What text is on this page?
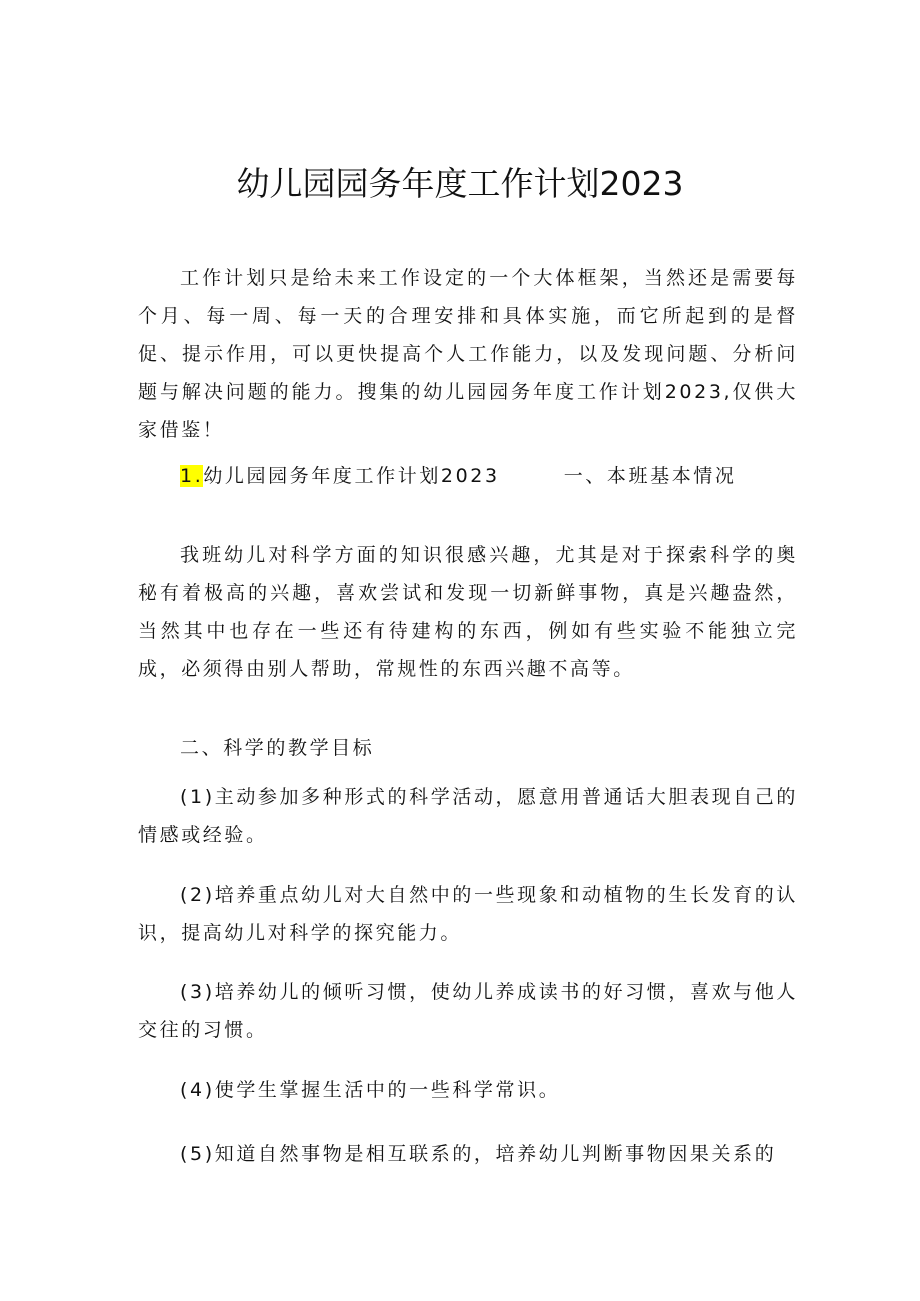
幼儿园园务年度工作计划2023

工作计划只是给未来工作设定的一个大体框架，当然还是需要每个月、每一周、每一天的合理安排和具体实施，而它所起到的是督促、提示作用，可以更快提高个人工作能力，以及发现问题、分析问题与解决问题的能力。搜集的幼儿园园务年度工作计划2023,仅供大家借鉴！

1.幼儿园园务年度工作计划2023	一、本班基本情况

我班幼儿对科学方面的知识很感兴趣，尤其是对于探索科学的奥秘有着极高的兴趣，喜欢尝试和发现一切新鲜事物，真是兴趣盎然，当然其中也存在一些还有待建构的东西，例如有些实验不能独立完成，必须得由别人帮助，常规性的东西兴趣不高等。

二、科学的教学目标

(1)主动参加多种形式的科学活动，愿意用普通话大胆表现自己的情感或经验。

(2)培养重点幼儿对大自然中的一些现象和动植物的生长发育的认识，提高幼儿对科学的探究能力。

(3)培养幼儿的倾听习惯，使幼儿养成读书的好习惯，喜欢与他人交往的习惯。

(4)使学生掌握生活中的一些科学常识。

(5)知道自然事物是相互联系的，培养幼儿判断事物因果关系的
